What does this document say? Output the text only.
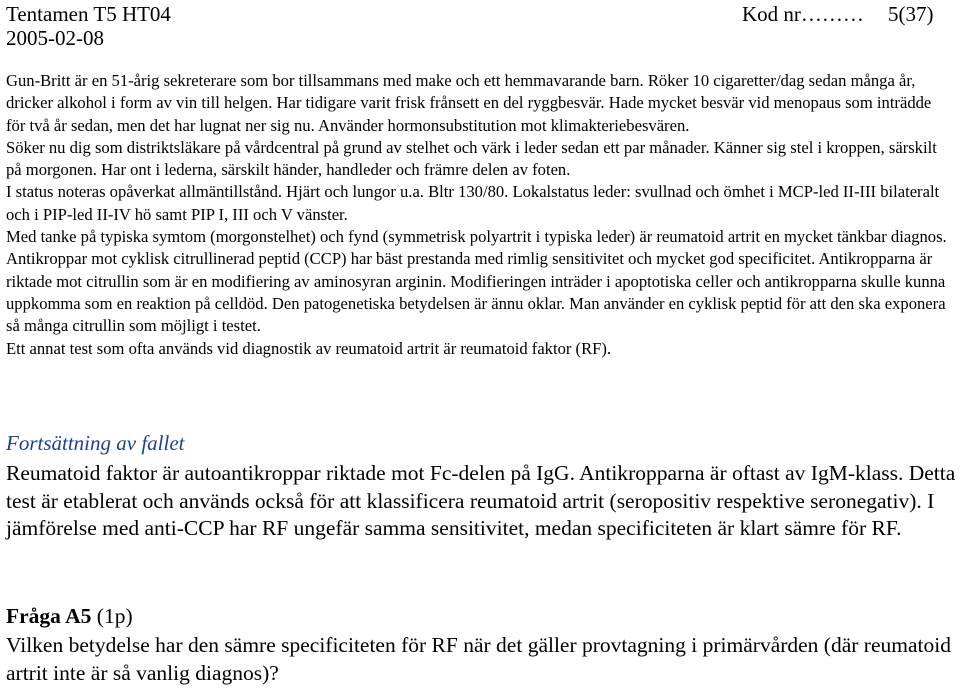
Tentamen T5 HT04
2005-02-08
Kod nr……… 5(37)

Gun-Britt är en 51-årig sekreterare som bor tillsammans med make och ett hemmavarande barn. Röker 10 cigaretter/dag sedan många år, dricker alkohol i form av vin till helgen. Har tidigare varit frisk frånsett en del ryggbesvär. Hade mycket besvär vid menopaus som inträdde för två år sedan, men det har lugnat ner sig nu. Använder hormonsubstitution mot klimakteriebesvären.

Söker nu dig som distriktsläkare på vårdcentral på grund av stelhet och värk i leder sedan ett par månader. Känner sig stel i kroppen, särskilt på morgonen. Har ont i lederna, särskilt händer, handleder och främre delen av foten.

I status noteras opåverkat allmäntillstånd. Hjärt och lungor u.a. Bltr 130/80. Lokalstatus leder: svullnad och ömhet i MCP-led II-III bilateralt och i PIP-led II-IV hö samt PIP I, III och V vänster.

Med tanke på typiska symtom (morgonstelhet) och fynd (symmetrisk polyartrit i typiska leder) är reumatoid artrit en mycket tänkbar diagnos.

Antikroppar mot cyklisk citrullinerad peptid (CCP) har bäst prestanda med rimlig sensitivitet och mycket god specificitet. Antikropparna är riktade mot citrullin som är en modifiering av aminosyran arginin. Modifieringen inträder i apoptotiska celler och antikropparna skulle kunna uppkomma som en reaktion på celldöd. Den patogenetiska betydelsen är ännu oklar. Man använder en cyklisk peptid för att den ska exponera så många citrullin som möjligt i testet.

Ett annat test som ofta används vid diagnostik av reumatoid artrit är reumatoid faktor (RF).

Fortsättning av fallet
Reumatoid faktor är autoantikroppar riktade mot Fc-delen på IgG. Antikropparna är oftast av IgM-klass. Detta test är etablerat och används också för att klassificera reumatoid artrit (seropositiv respektive seronegativ). I jämförelse med anti-CCP har RF ungefär samma sensitivitet, medan specificiteten är klart sämre för RF.
Fråga A5 (1p)
Vilken betydelse har den sämre specificiteten för RF när det gäller provtagning i primärvården (där reumatoid artrit inte är så vanlig diagnos)?
